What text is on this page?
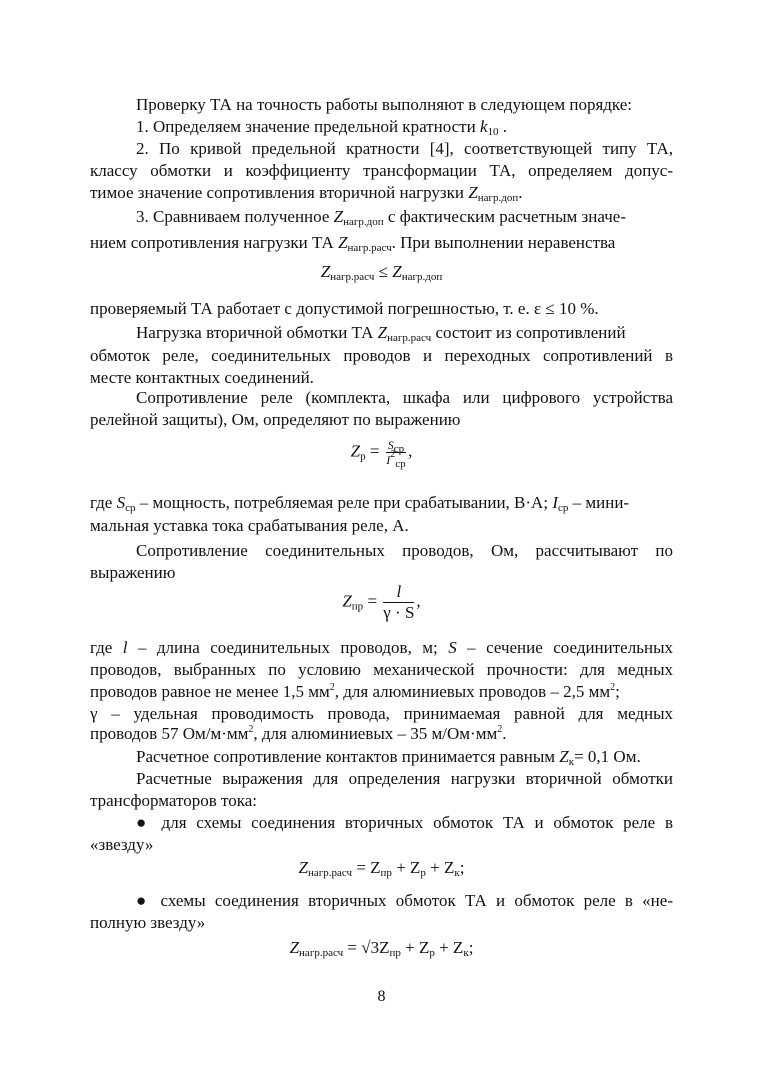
Проверку ТА на точность работы выполняют в следующем порядке:
1. Определяем значение предельной кратности $k_{10}$ .
2. По кривой предельной кратности [4], соответствующей типу ТА,
классу обмотки и коэффициенту трансформации ТА, определяем допус-
тимое значение сопротивления вторичной нагрузки $Z_{нагр.доп}$.
3. Сравниваем полученное $Z_{нагр.доп}$ с фактическим расчетным значе-
нием сопротивления нагрузки ТА $Z_{нагр.расч}$. При выполнении неравенства
$Z_{нагр.расч} \le Z_{нагр.доп}$
проверяемый ТА работает с допустимой погрешностью, т. е. ε ≤ 10 %.
Нагрузка вторичной обмотки ТА $Z_{нагр.расч}$ состоит из сопротивлений
обмоток реле, соединительных проводов и переходных сопротивлений в
месте контактных соединений.
Сопротивление реле (комплекта, шкафа или цифрового устройства
релейной защиты), Ом, определяют по выражению
$Z_p = \frac{S_{ср}}{I^2_{ср}}$ ,
где $S_{ср}$ – мощность, потребляемая реле при срабатывании, В·А; $I_{ср}$ – мини-
мальная уставка тока срабатывания реле, А.
Сопротивление соединительных проводов, Ом, рассчитывают по
выражению
$Z_{пр} = \frac{l}{\gamma \cdot S}$ ,
где l – длина соединительных проводов, м; S – сечение соединительных
проводов, выбранных по условию механической прочности: для медных
проводов равное не менее 1,5 $мм^2$, для алюминиевых проводов – 2,5 $мм^2$;
γ – удельная проводимость провода, принимаемая равной для медных
проводов 57 $Ом/м\cdot мм^2$, для алюминиевых – 35 $м/Ом\cdot мм^2$.
Расчетное сопротивление контактов принимается равным $Z_к= 0,1$ Ом.
Расчетные выражения для определения нагрузки вторичной обмотки
трансформаторов тока:
● для схемы соединения вторичных обмоток ТА и обмоток реле в
«звезду»
$Z_{нагр.расч} = Z_{пр} + Z_р + Z_к$;
● схемы соединения вторичных обмоток ТА и обмоток реле в «не-
полную звезду»
$Z_{нагр.расч} = √3Z_{пр} + Z_р + Z_к$;
8
